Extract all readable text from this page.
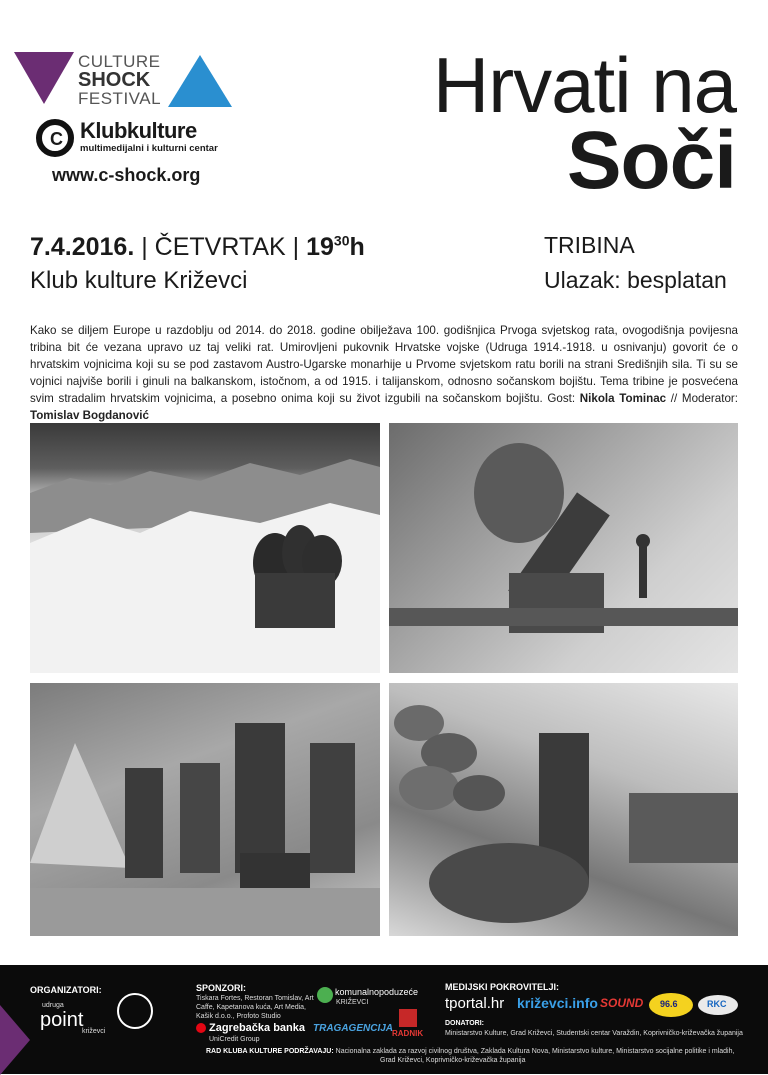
CULTURE
SHOCK
FESTIVAL
C Klubkulture
multimedijalni i kulturni centar
www.c-shock.org
Hrvati na
Soči
7.4.2016. | ČETVRTAK | $19^{30}h$
Klub kulture Križevci
TRIBINA
Ulazak: besplatan
Kako se diljem Europe u razdoblju od 2014. do 2018. godine obilježava 100. godišnjica Prvoga svjetskog rata, ovogodišnja povijesna tribina bit će vezana upravo uz taj veliki rat. Umirovljeni pukovnik Hrvatske vojske (Udruga 1914.-1918. u osnivanju) govorit će o hrvatskim vojnicima koji su se pod zastavom Austro-Ugarske monarhije u Prvome svjetskom ratu borili na strani Središnjih sila. Ti su se vojnici najviše borili i ginuli na balkanskom, istočnom, a od 1915. i talijanskom, odnosno sočanskom bojištu. Tema tribine je posvećena svim stradalim hrvatskim vojnicima, a posebno onima koji su život izgubili na sočanskom bojištu. Gost: Nikola Tominac // Moderator: Tomislav Bogdanović
ORGANIZATORI:
udruga
point
križevci
SPONZORI:
Tiskara Fortes, Restoran Tomislav, Art Caffe, Kapetanova kuća, Art Media, Kašik d.o.o., Profoto Studio
Zagrebačka banka
UniCredit Group
komunalnopoduzeće
KRIŽEVCI
TRAGAGENCIJA
RADNIK
MEDIJSKI POKROVITELJI:
tportal.hr križevci.info SOUND 96.6	RKC
DONATORI:
Ministarstvo Kulture, Grad Križevci, Studentski centar Varaždin, Koprivničko-križevačka županija
RAD KLUBA KULTURE PODRŽAVAJU: Nacionalna zaklada za razvoj civilnog društva, Zaklada Kultura Nova, Ministarstvo kulture, Ministarstvo socijalne politike i mladih,
Grad Križevci, Koprivničko-križevačka županija
